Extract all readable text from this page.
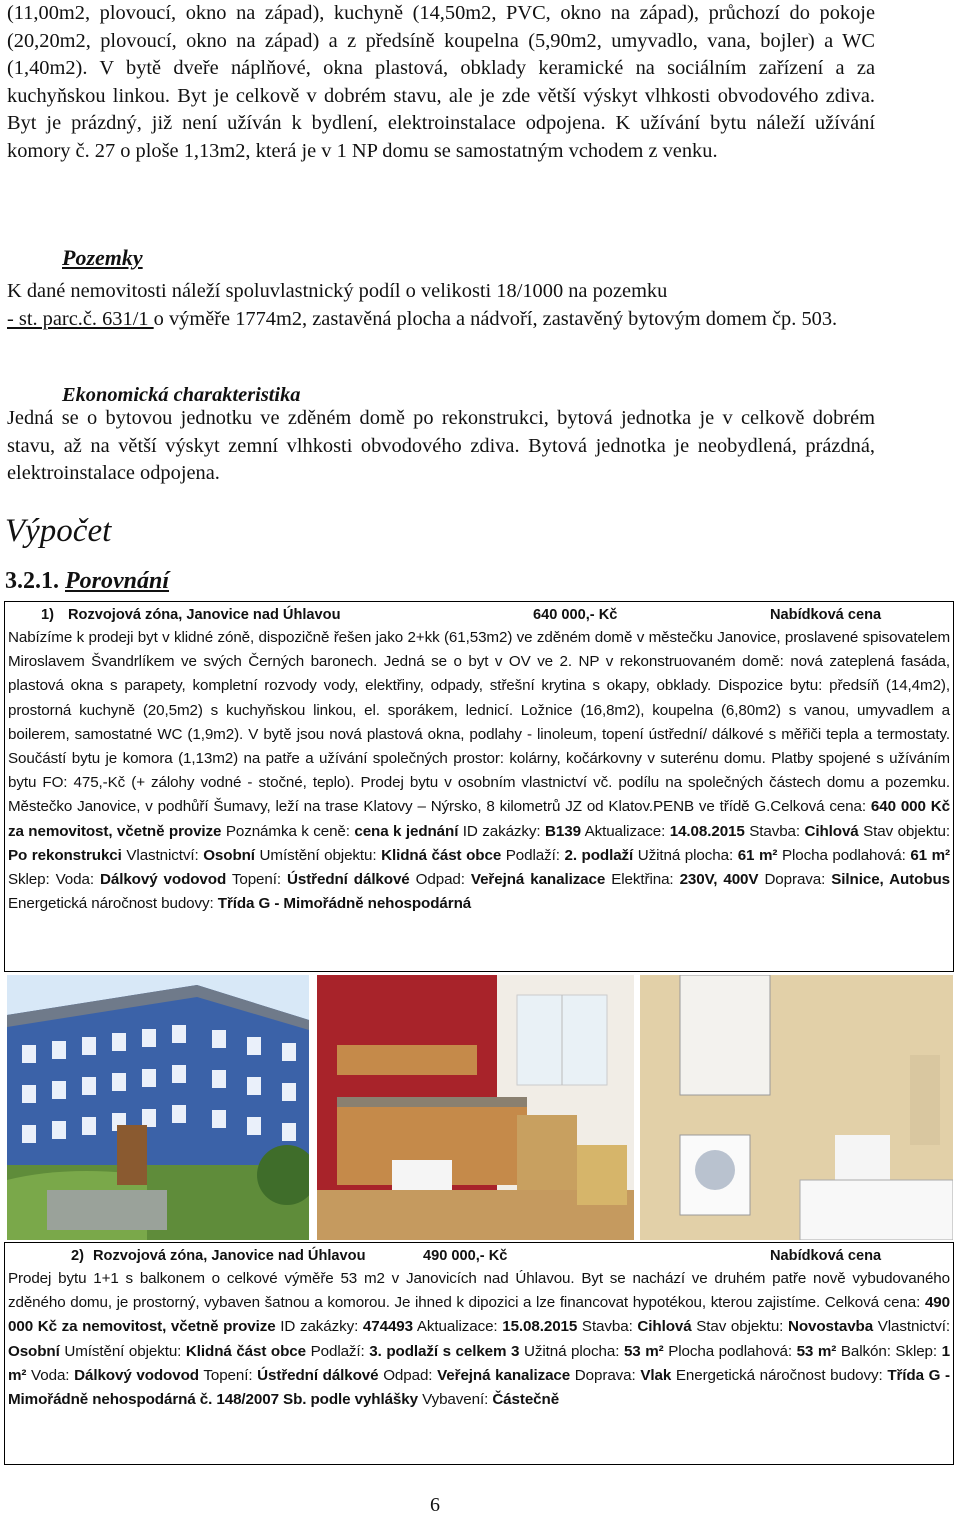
(11,00m2, plovoucí, okno na západ), kuchyně (14,50m2, PVC, okno na západ), průchozí do pokoje (20,20m2, plovoucí, okno na západ) a z předsíně koupelna (5,90m2, umyvadlo, vana, bojler) a WC (1,40m2). V bytě dveře náplňové, okna plastová, obklady keramické na sociálním zařízení a za kuchyňskou linkou. Byt je celkově v dobrém stavu, ale je zde větší výskyt vlhkosti obvodového zdiva. Byt je prázdný, již není užíván k bydlení, elektroinstalace odpojena. K užívání bytu náleží užívání komory č. 27 o ploše 1,13m2, která je v 1 NP domu se samostatným vchodem z venku.
Pozemky
K dané nemovitosti náleží spoluvlastnický podíl o velikosti 18/1000 na pozemku
- st. parc.č. 631/1 o výměře 1774m2, zastavěná plocha a nádvoří, zastavěný bytovým domem čp. 503.
Ekonomická charakteristika
Jedná se o bytovou jednotku ve zděném domě po rekonstrukci, bytová jednotka je v celkově dobrém stavu, až na větší výskyt zemní vlhkosti obvodového zdiva. Bytová jednotka je neobydlená, prázdná, elektroinstalace odpojena.
Výpočet
3.2.1. Porovnání
1) Rozvojová zóna, Janovice nad Úhlavou	640 000,- Kč	Nabídková cena
Nabízíme k prodeji byt v klidné zóně, dispozičně řešen jako 2+kk (61,53m2) ve zděném domě v městečku Janovice, proslavené spisovatelem Miroslavem Švandrlíkem ve svých Černých baronech. Jedná se o byt v OV ve 2. NP v rekonstruovaném domě: nová zateplená fasáda, plastová okna s parapety, kompletní rozvody vody, elektřiny, odpady, střešní krytina s okapy, obklady. Dispozice bytu: předsíň (14,4m2), prostorná kuchyně (20,5m2) s kuchyňskou linkou, el. sporákem, lednicí. Ložnice (16,8m2), koupelna (6,80m2) s vanou, umyvadlem a boilerem, samostatné WC (1,9m2). V bytě jsou nová plastová okna, podlahy - linoleum, topení ústřední/ dálkové s měřiči tepla a termostaty. Součástí bytu je komora (1,13m2) na patře a užívání společných prostor: kolárny, kočárkovny v suterénu domu. Platby spojené s užíváním bytu FO: 475,-Kč (+ zálohy vodné - stočné, teplo). Prodej bytu v osobním vlastnictví vč. podílu na společných částech domu a pozemku. Městečko Janovice, v podhůří Šumavy, leží na trase Klatovy – Nýrsko, 8 kilometrů JZ od Klatov.PENB ve třídě G.Celková cena: 640 000 Kč za nemovitost, včetně provize Poznámka k ceně: cena k jednání ID zakázky: B139 Aktualizace: 14.08.2015 Stavba: Cihlová Stav objektu: Po rekonstrukci Vlastnictví: Osobní Umístění objektu: Klidná část obce Podlaží: 2. podlaží Užitná plocha: 61 m² Plocha podlahová: 61 m² Sklep: Voda: Dálkový vodovod Topení: Ústřední dálkové Odpad: Veřejná kanalizace Elektřina: 230V, 400V Doprava: Silnice, Autobus Energetická náročnost budovy: Třída G - Mimořádně nehospodárná
2) Rozvojová zóna, Janovice nad Úhlavou	490 000,- Kč	Nabídková cena
Prodej bytu 1+1 s balkonem o celkové výměře 53 m2 v Janovicích nad Úhlavou. Byt se nachází ve druhém patře nově vybudovaného zděného domu, je prostorný, vybaven šatnou a komorou. Je ihned k dipozici a lze financovat hypotékou, kterou zajistíme. Celková cena: 490 000 Kč za nemovitost, včetně provize ID zakázky: 474493 Aktualizace: 15.08.2015 Stavba: Cihlová Stav objektu: Novostavba Vlastnictví: Osobní Umístění objektu: Klidná část obce Podlaží: 3. podlaží s celkem 3 Užitná plocha: 53 m² Plocha podlahová: 53 m² Balkón: Sklep: 1 m² Voda: Dálkový vodovod Topení: Ústřední dálkové Odpad: Veřejná kanalizace Doprava: Vlak Energetická náročnost budovy: Třída G - Mimořádně nehospodárná č. 148/2007 Sb. podle vyhlášky Vybavení: Částečně
6
